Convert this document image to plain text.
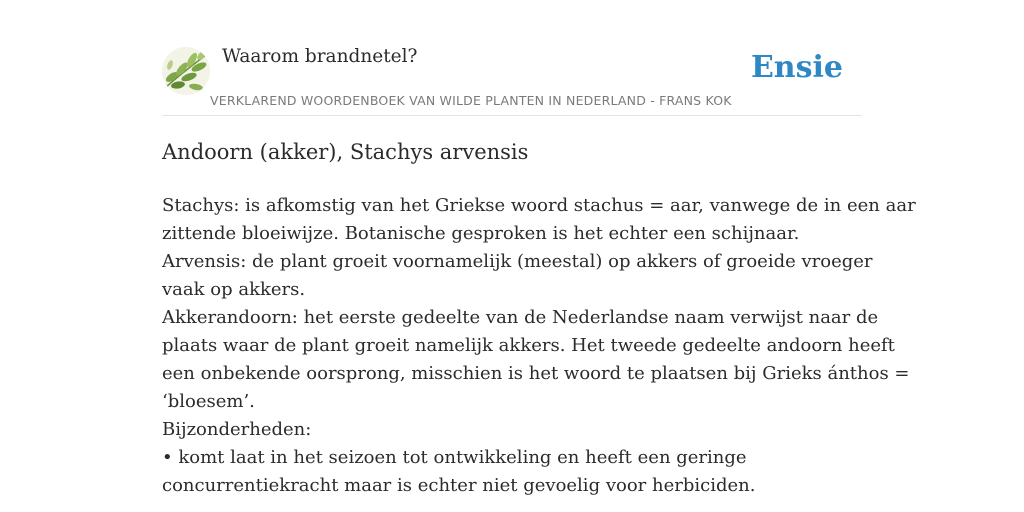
Waarom brandnetel?	Ensie
VERKLAREND WOORDENBOEK VAN WILDE PLANTEN IN NEDERLAND - FRANS KOK
Andoorn (akker), Stachys arvensis
Stachys: is afkomstig van het Griekse woord stachus = aar, vanwege de in een aar
zittende bloeiwijze. Botanische gesproken is het echter een schijnaar.
Arvensis: de plant groeit voornamelijk (meestal) op akkers of groeide vroeger
vaak op akkers.
Akkerandoorn: het eerste gedeelte van de Nederlandse naam verwijst naar de
plaats waar de plant groeit namelijk akkers. Het tweede gedeelte andoorn heeft
een onbekende oorsprong, misschien is het woord te plaatsen bij Grieks ánthos =
‘bloesem’.
Bijzonderheden:
• komt laat in het seizoen tot ontwikkeling en heeft een geringe
concurrentiekracht maar is echter niet gevoelig voor herbiciden.
